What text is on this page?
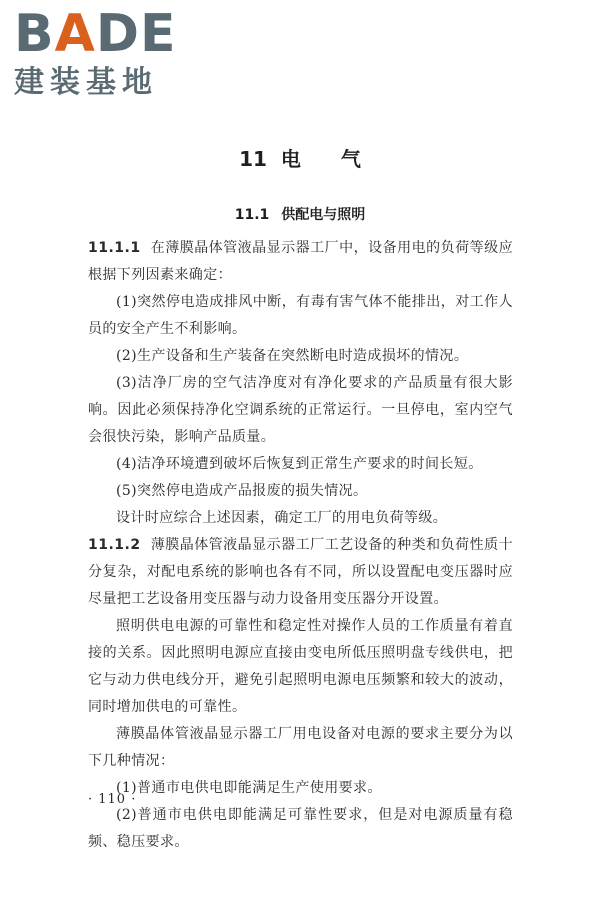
B A DE
建装基地
11 电 气
11.1 供配电与照明

11.1.1 在薄膜晶体管液晶显示器工厂中，设备用电的负荷等级应根据下列因素来确定：

(1)突然停电造成排风中断，有毒有害气体不能排出，对工作人员的安全产生不利影响。

(2)生产设备和生产装备在突然断电时造成损坏的情况。

(3)洁净厂房的空气洁净度对有净化要求的产品质量有很大影响。因此必须保持净化空调系统的正常运行。一旦停电，室内空气会很快污染，影响产品质量。

(4)洁净环境遭到破坏后恢复到正常生产要求的时间长短。

(5)突然停电造成产品报废的损失情况。

设计时应综合上述因素，确定工厂的用电负荷等级。

11.1.2 薄膜晶体管液晶显示器工厂工艺设备的种类和负荷性质十分复杂，对配电系统的影响也各有不同，所以设置配电变压器时应尽量把工艺设备用变压器与动力设备用变压器分开设置。

照明供电电源的可靠性和稳定性对操作人员的工作质量有着直接的关系。因此照明电源应直接由变电所低压照明盘专线供电，把它与动力供电线分开，避免引起照明电源电压频繁和较大的波动，同时增加供电的可靠性。

薄膜晶体管液晶显示器工厂用电设备对电源的要求主要分为以下几种情况：

(1)普通市电供电即能满足生产使用要求。

(2)普通市电供电即能满足可靠性要求，但是对电源质量有稳频、稳压要求。

· 110 ·
